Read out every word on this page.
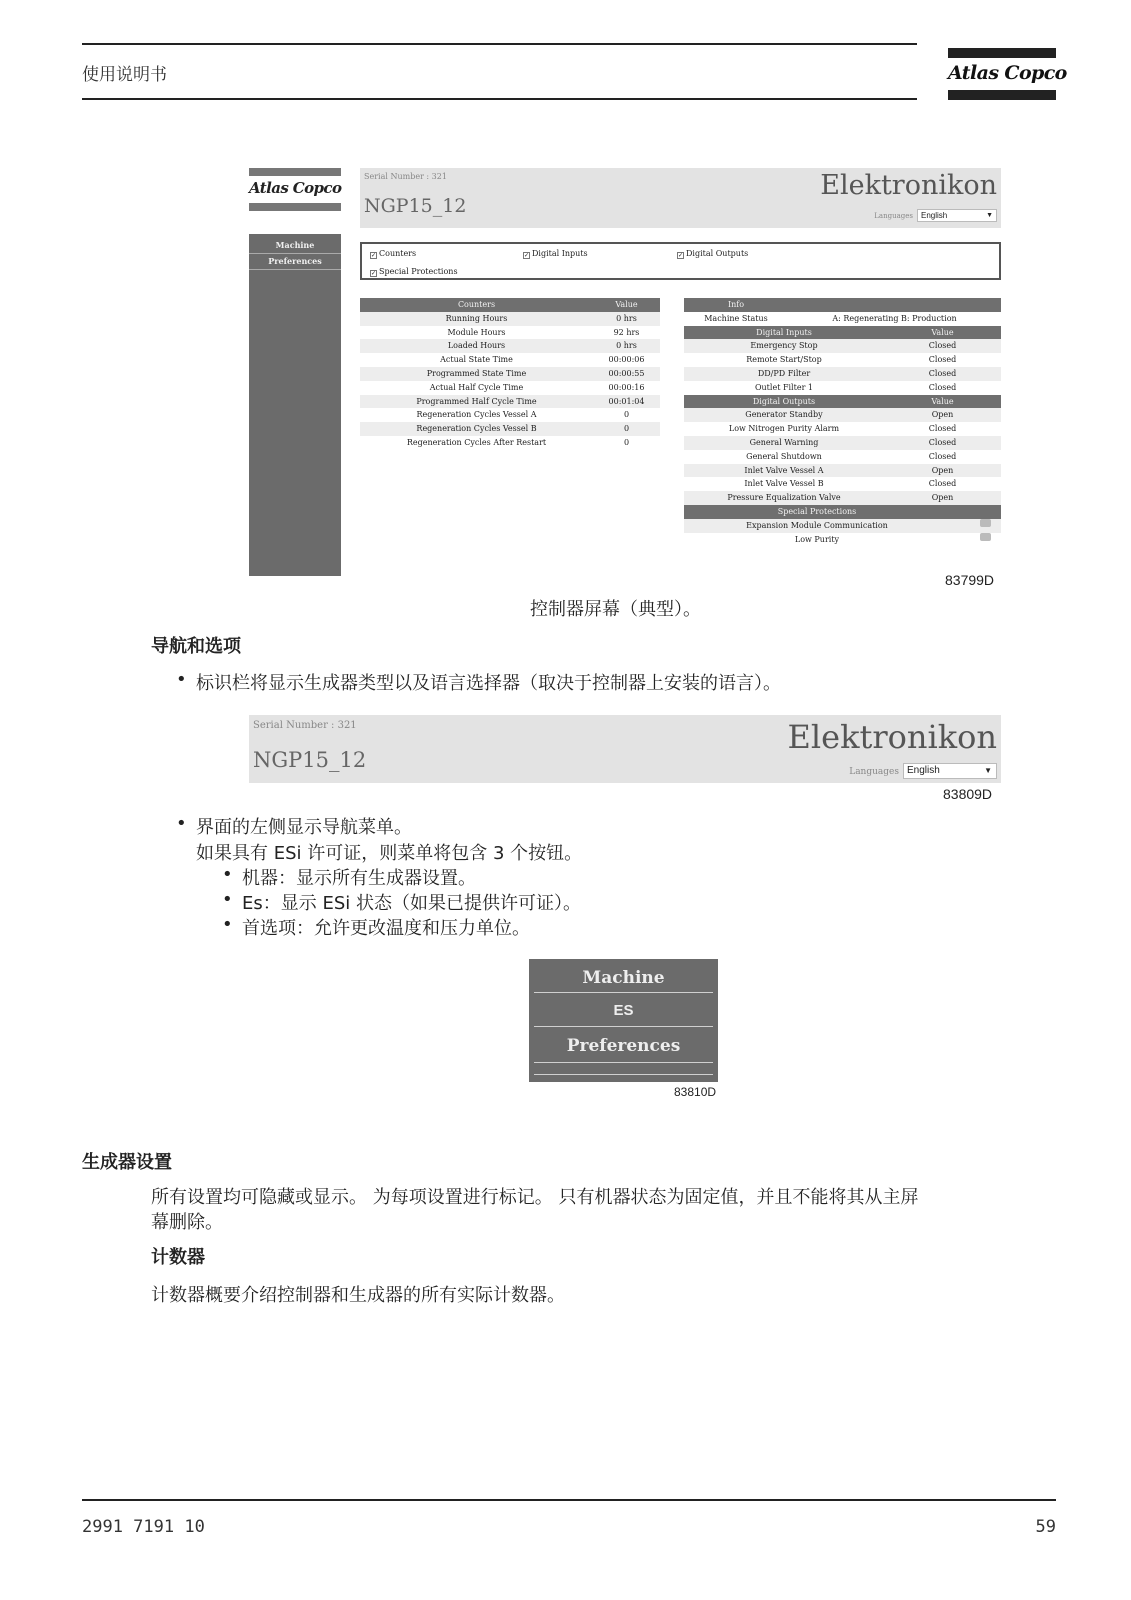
使用说明书	Atlas Copco
Atlas Copco
Machine
Preferences
Serial Number : 321
NGP15_12
Elektronikon
Languages	English	▼
✓ Counters	✓ Digital Inputs	✓ Digital Outputs
✓ Special Protections
Counters	Value
Running Hours	0 hrs
Module Hours	92 hrs
Loaded Hours	0 hrs
Actual State Time	00:00:06
Programmed State Time	00:00:55
Actual Half Cycle Time	00:00:16
Programmed Half Cycle Time	00:01:04
Regeneration Cycles Vessel A	0
Regeneration Cycles Vessel B	0
Regeneration Cycles After Restart	0
Info
Machine Status	A: Regenerating B: Production
Digital Inputs	Value
Emergency Stop	Closed
Remote Start/Stop	Closed
DD/PD Filter	Closed
Outlet Filter 1	Closed
Digital Outputs	Value
Generator Standby	Open
Low Nitrogen Purity Alarm	Closed
General Warning	Closed
General Shutdown	Closed
Inlet Valve Vessel A	Open
Inlet Valve Vessel B	Closed
Pressure Equalization Valve	Open
Special Protections
Expansion Module Communication
Low Purity
83799D
控制器屏幕（典型）。
导航和选项
• 标识栏将显示生成器类型以及语言选择器（取决于控制器上安装的语言）。
Serial Number : 321
NGP15_12
Elektronikon
Languages English	▼
83809D
• 界面的左侧显示导航菜单。
如果具有 ESi 许可证，则菜单将包含 3 个按钮。
• 机器：显示所有生成器设置。
• Es：显示 ESi 状态（如果已提供许可证）。
• 首选项：允许更改温度和压力单位。
Machine
ES
Preferences
83810D
生成器设置
所有设置均可隐藏或显示。 为每项设置进行标记。 只有机器状态为固定值，并且不能将其从主屏
幕删除。
计数器
计数器概要介绍控制器和生成器的所有实际计数器。
2991 7191 10	59
